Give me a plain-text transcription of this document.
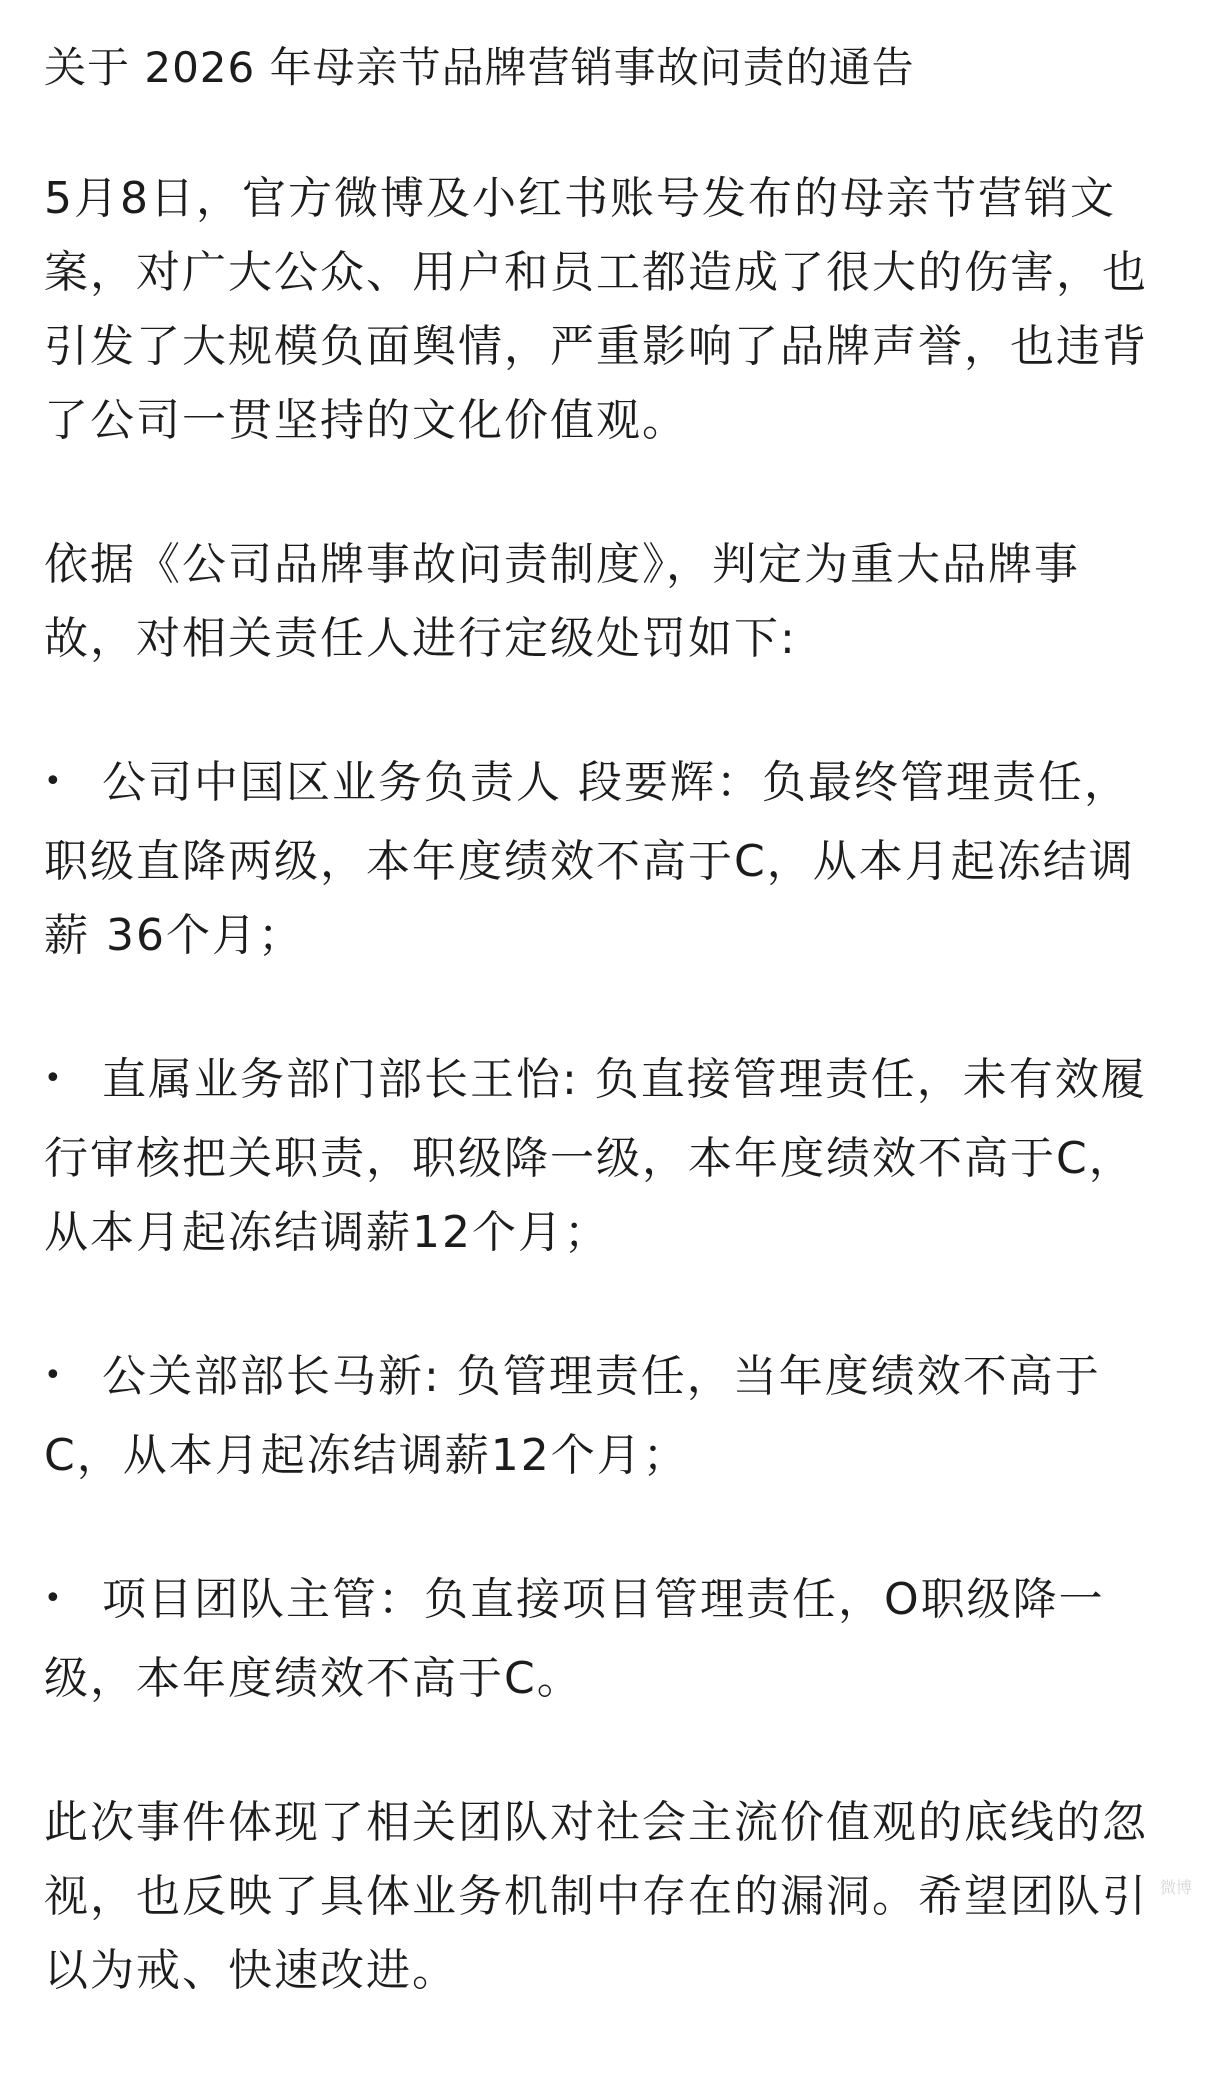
关于 2026 年母亲节品牌营销事故问责的通告

5月8日，官方微博及小红书账号发布的母亲节营销文案，对广大公众、用户和员工都造成了很大的伤害，也引发了大规模负面舆情，严重影响了品牌声誉，也违背了公司一贯坚持的文化价值观。

依据《公司品牌事故问责制度》，判定为重大品牌事故，对相关责任人进行定级处罚如下:

•公司中国区业务负责人 段要辉：负最终管理责任，职级直降两级，本年度绩效不高于C，从本月起冻结调薪 36个月；
•直属业务部门部长王怡: 负直接管理责任，未有效履行审核把关职责，职级降一级，本年度绩效不高于C，从本月起冻结调薪12个月；
•公关部部长马新: 负管理责任，当年度绩效不高于C，从本月起冻结调薪12个月；
•项目团队主管：负直接项目管理责任，O职级降一级，本年度绩效不高于C。

此次事件体现了相关团队对社会主流价值观的底线的忽视，也反映了具体业务机制中存在的漏洞。希望团队引以为戒、快速改进。

微博
